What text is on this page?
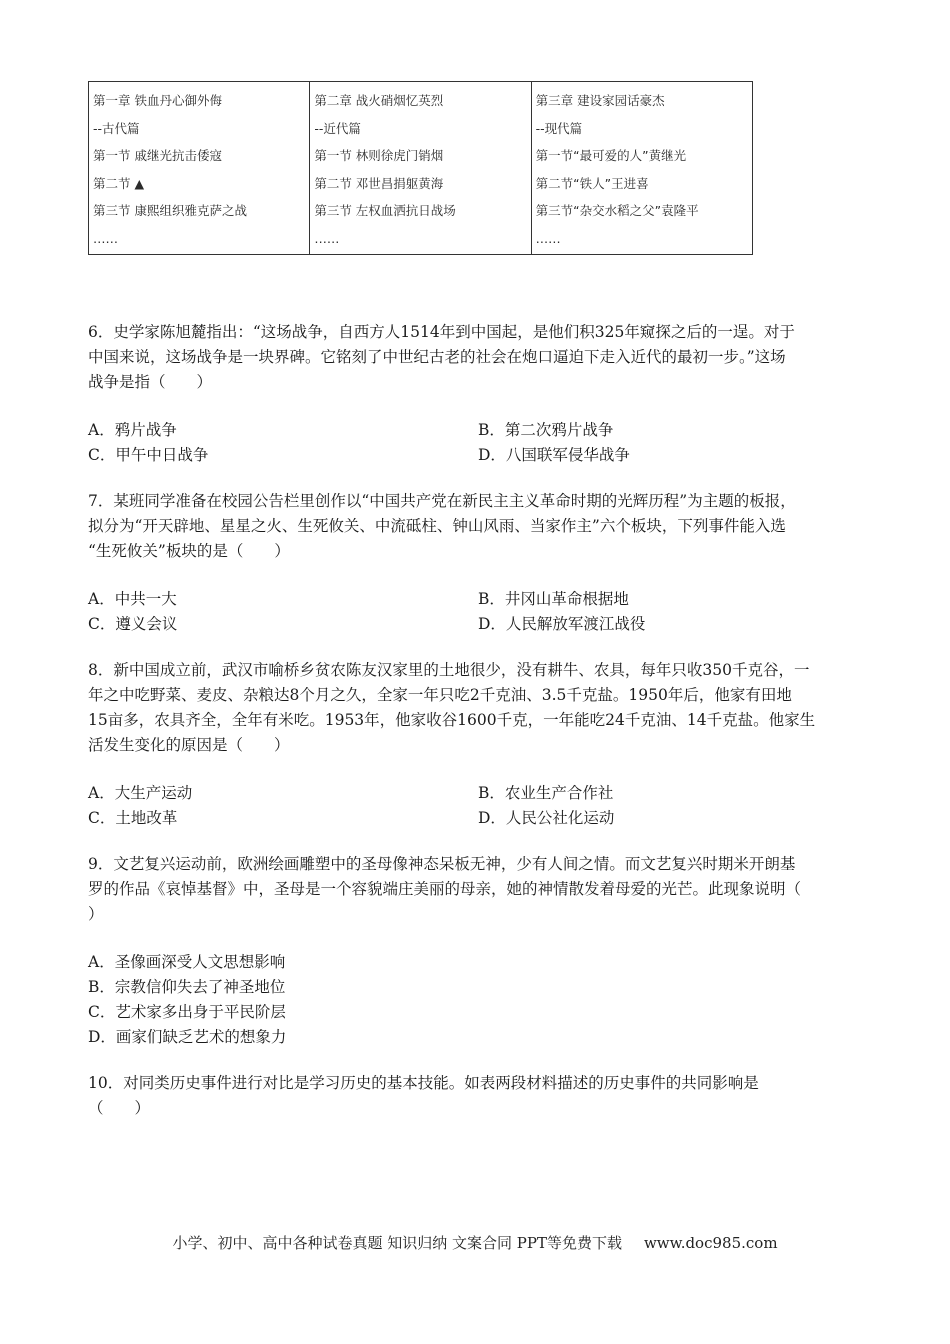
第一章 铁血丹心御外侮
--古代篇
第一节 戚继光抗击倭寇
第二节 ▲
第三节 康熙组织雅克萨之战
……
第二章 战火硝烟忆英烈
--近代篇
第一节 林则徐虎门销烟
第二节 邓世昌捐躯黄海
第三节 左权血洒抗日战场
……
第三章 建设家园话豪杰
--现代篇
第一节“最可爱的人”黄继光
第二节“铁人”王进喜
第三节“杂交水稻之父”袁隆平
……

6．史学家陈旭麓指出：“这场战争，自西方人1514年到中国起，是他们积325年窥探之后的一逞。对于

中国来说，这场战争是一块界碑。它铭刻了中世纪古老的社会在炮口逼迫下走入近代的最初一步。”这场

战争是指（　　）

A．鸦片战争	B．第二次鸦片战争
C．甲午中日战争	D．八国联军侵华战争

7．某班同学准备在校园公告栏里创作以“中国共产党在新民主主义革命时期的光辉历程”为主题的板报，

拟分为“开天辟地、星星之火、生死攸关、中流砥柱、钟山风雨、当家作主”六个板块，下列事件能入选

“生死攸关”板块的是（　　）

A．中共一大	B．井冈山革命根据地
C．遵义会议	D．人民解放军渡江战役

8．新中国成立前，武汉市喻桥乡贫农陈友汉家里的土地很少，没有耕牛、农具，每年只收350千克谷，一

年之中吃野菜、麦皮、杂粮达8个月之久，全家一年只吃2千克油、3.5千克盐。1950年后，他家有田地

15亩多，农具齐全，全年有米吃。1953年，他家收谷1600千克，一年能吃24千克油、14千克盐。他家生

活发生变化的原因是（　　）

A．大生产运动	B．农业生产合作社
C．土地改革	D．人民公社化运动

9．文艺复兴运动前，欧洲绘画雕塑中的圣母像神态呆板无神，少有人间之情。而文艺复兴时期米开朗基

罗的作品《哀悼基督》中，圣母是一个容貌端庄美丽的母亲，她的神情散发着母爱的光芒。此现象说明（

）

A．圣像画深受人文思想影响
B．宗教信仰失去了神圣地位
C．艺术家多出身于平民阶层
D．画家们缺乏艺术的想象力

10．对同类历史事件进行对比是学习历史的基本技能。如表两段材料描述的历史事件的共同影响是

（　　）

小学、初中、高中各种试卷真题 知识归纳 文案合同 PPT等免费下载 www.doc985.com
